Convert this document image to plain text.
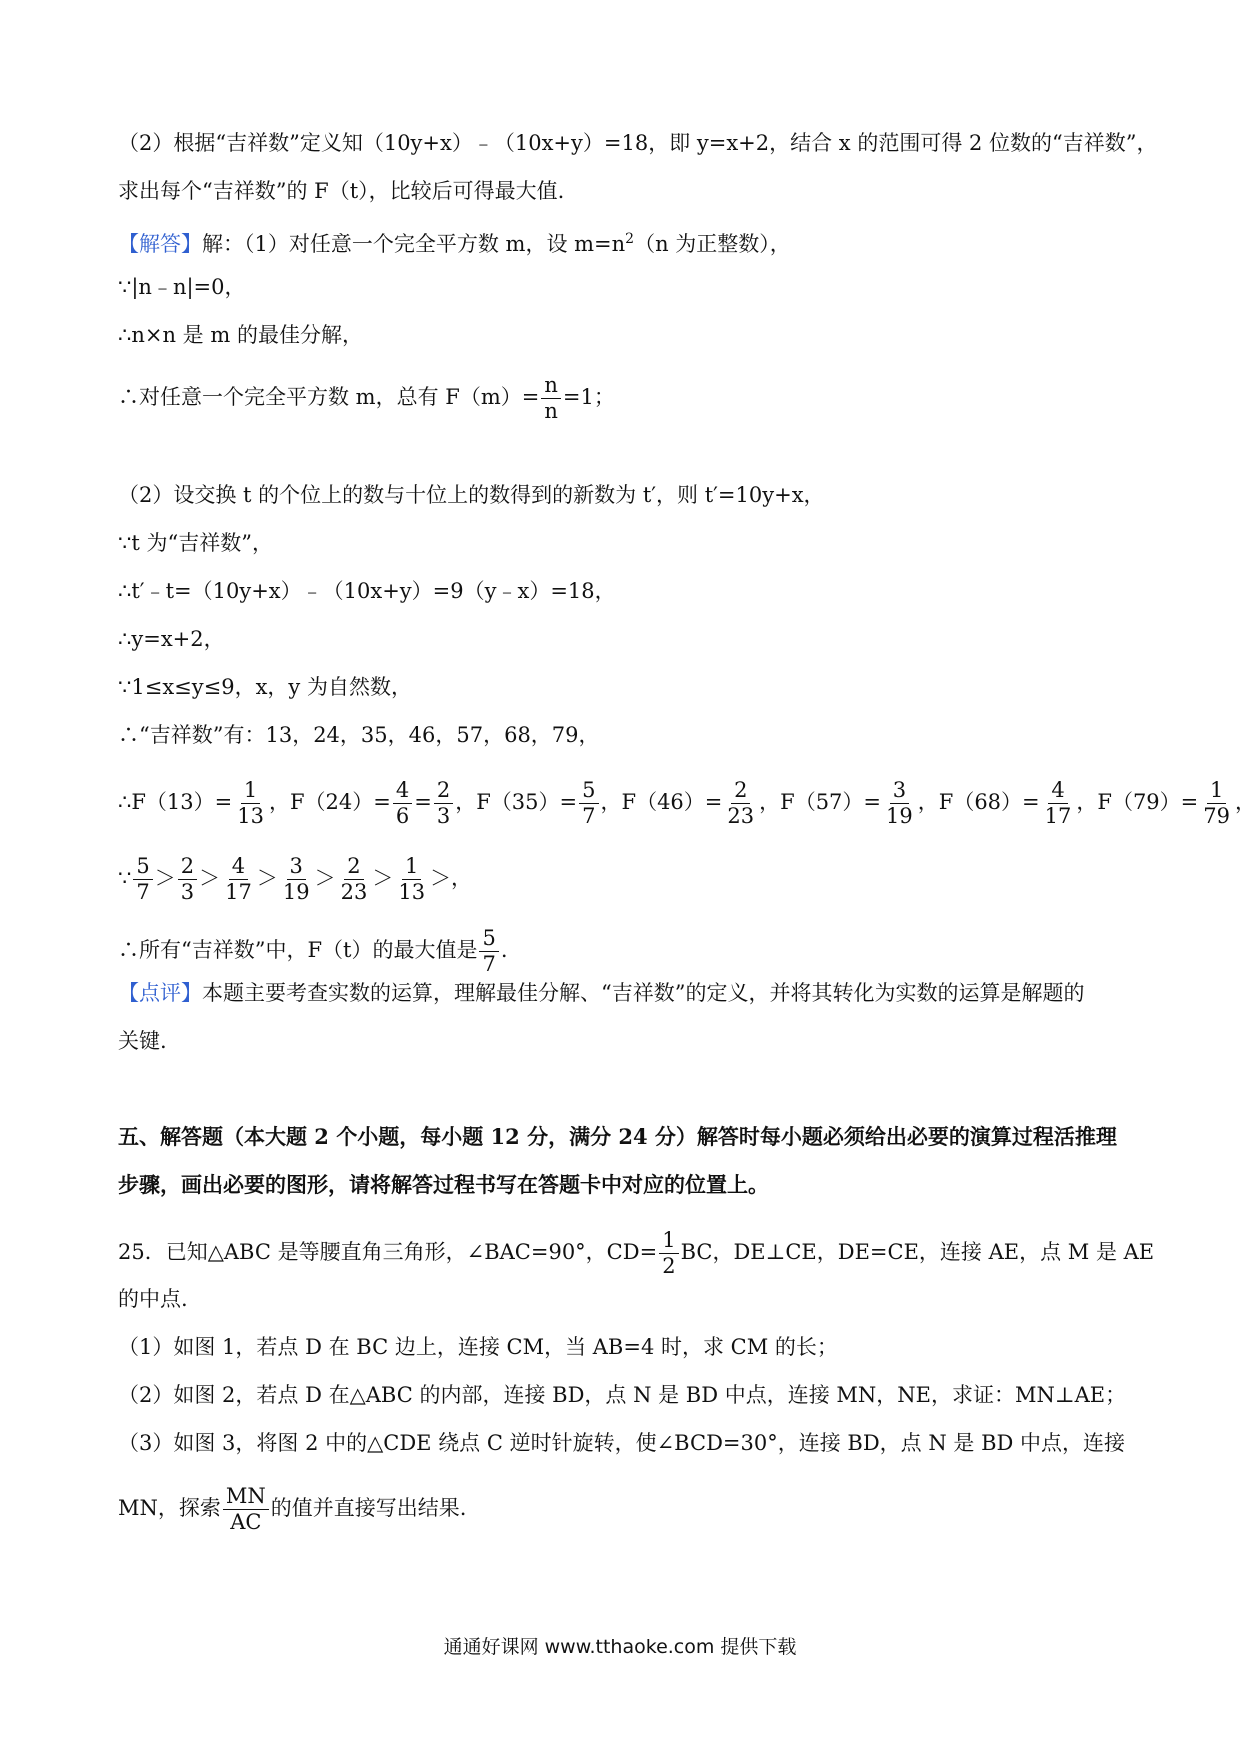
（2）根据“吉祥数”定义知（10y+x）﹣（10x+y）=18，即 y=x+2，结合 x 的范围可得 2 位数的“吉祥数”，
求出每个“吉祥数”的 F（t），比较后可得最大值.
【解答】解：（1）对任意一个完全平方数 m，设 $m=n^2(n$ 为正整数），
∵|n﹣n|=0，
∴n×n 是 m 的最佳分解，
∴对任意一个完全平方数 m，总有 $F(m)= \frac{n}{n} =1$；
（2）设交换 t 的个位上的数与十位上的数得到的新数为 t′，则 t′=10y+x，
∵t 为“吉祥数”，
∴t′﹣t=（10y+x）﹣（10x+y）=9（y﹣x）=18，
∴y=x+2，
∵1≤x≤y≤9，x，y 为自然数，
∴“吉祥数”有：13，24，35，46，57，68，79，
∴F（13）= $\frac{1}{13}$ ，$F(24)= \frac{4}{6} = \frac{2}{3}$ ，$F(35)= \frac{5}{7}$ ，$F(46)= \frac{2}{23}$ ，$F(57)= \frac{3}{19}$ ，$F(68)= \frac{4}{17}$ ，$F(79)= \frac{1}{79}$ ，
∵ $\frac{5}{7} > \frac{2}{3} > \frac{4}{17} > \frac{3}{19} > \frac{2}{23} > \frac{1}{13}$ ＞，
∴所有“吉祥数”中，F（t）的最大值是 $\frac{5}{7}$ .
【点评】本题主要考查实数的运算，理解最佳分解、“吉祥数”的定义，并将其转化为实数的运算是解题的
关键.
五、解答题（本大题 2 个小题，每小题 12 分，满分 24 分）解答时每小题必须给出必要的演算过程活推理
步骤，画出必要的图形，请将解答过程书写在答题卡中对应的位置上。
25．已知△ABC 是等腰直角三角形，∠BAC=90°，$CD= \frac{1}{2}$ BC，DE⊥CE，DE=CE，连接 AE，点 M 是 AE
的中点.
（1）如图 1，若点 D 在 BC 边上，连接 CM，当 AB=4 时，求 CM 的长；
（2）如图 2，若点 D 在△ABC 的内部，连接 BD，点 N 是 BD 中点，连接 MN，NE，求证：MN⊥AE；
（3）如图 3，将图 2 中的△CDE 绕点 C 逆时针旋转，使∠BCD=30°，连接 BD，点 N 是 BD 中点，连接
MN，探索 $\frac{MN}{AC}$ 的值并直接写出结果.
通通好课网 www.tthaoke.com 提供下载
